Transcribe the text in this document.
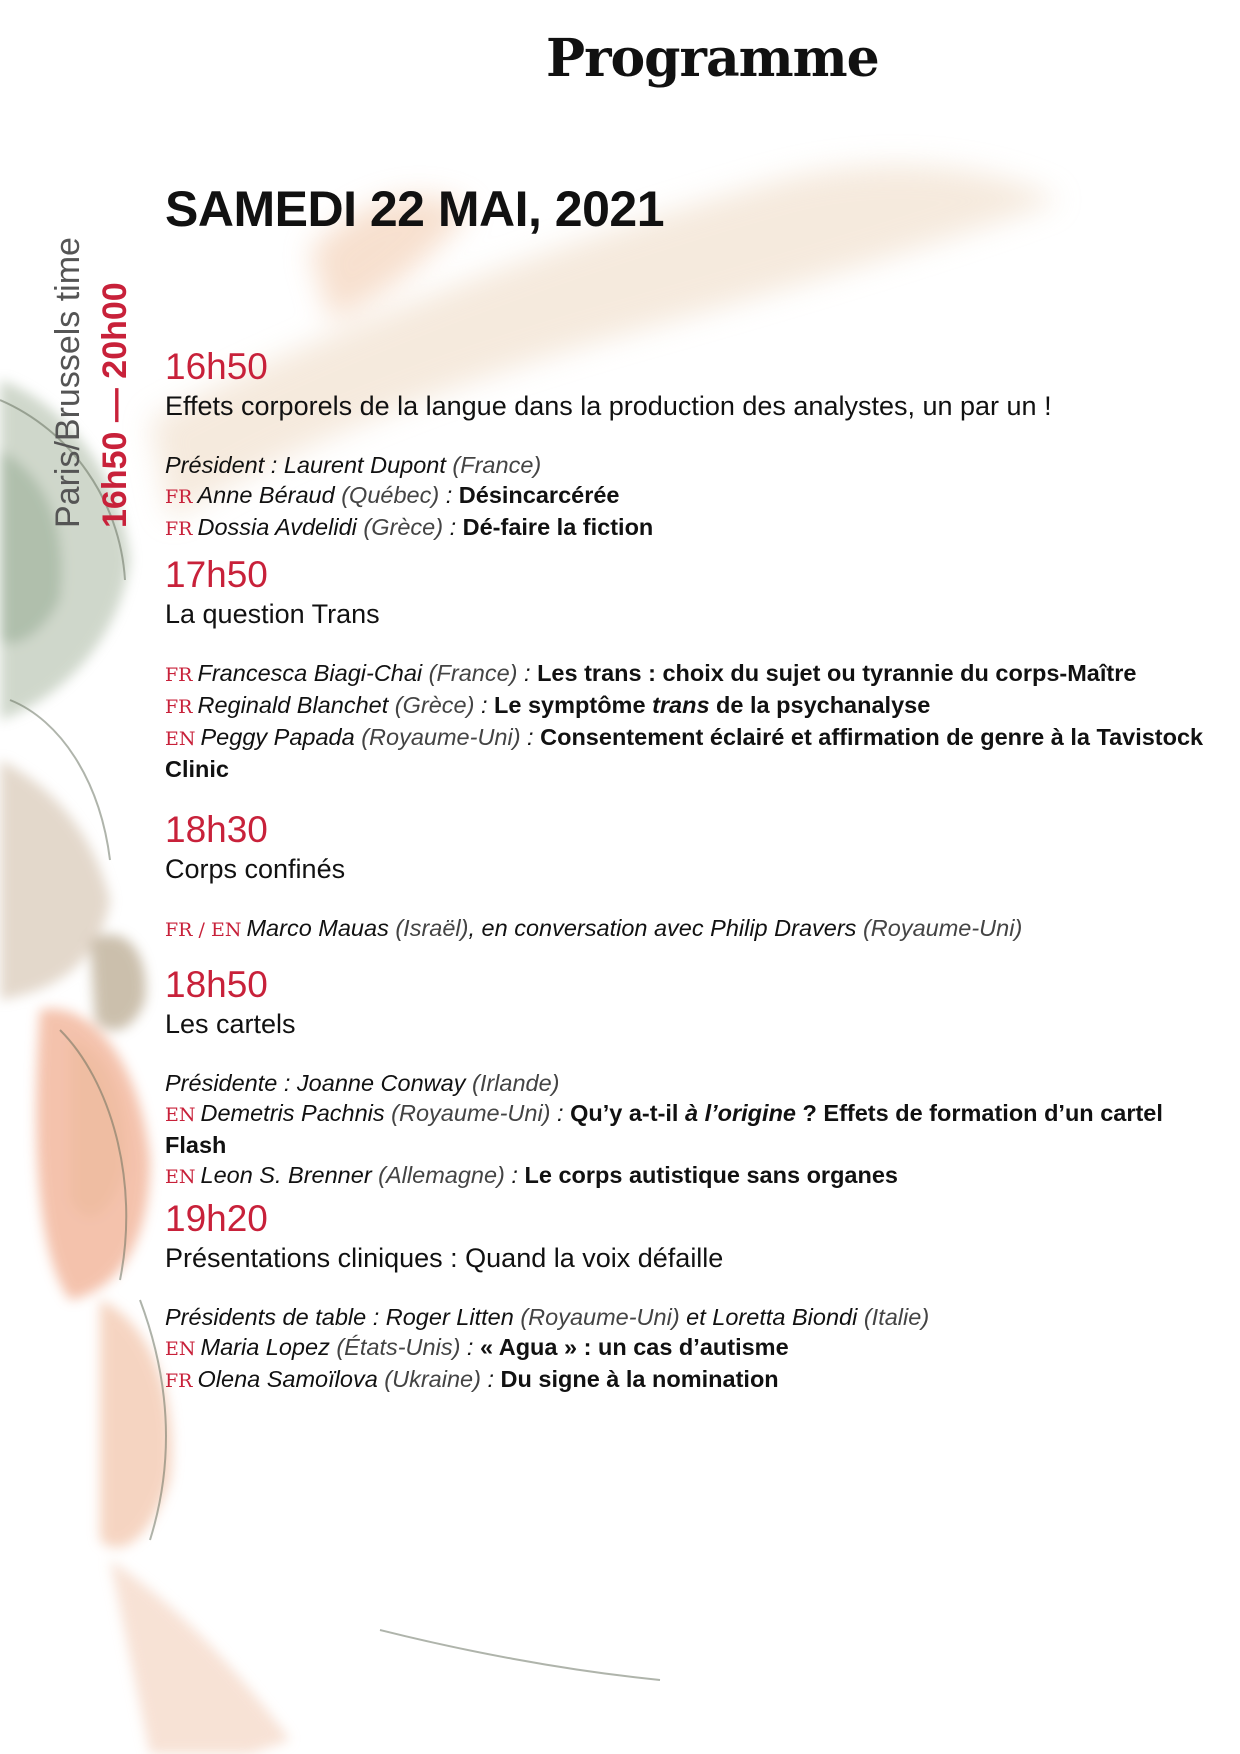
Programme
SAMEDI 22 MAI, 2021
Paris/Brussels time 16h50 — 20h00 16h50

Effets corporels de la langue dans la production des analystes, un par un !

Président : Laurent Dupont (France)

FR Anne Béraud (Québec) : Désincarcérée

FR Dossia Avdelidi (Grèce) : Dé-faire la fiction

17h50

La question Trans

FR Francesca Biagi-Chai (France) : Les trans : choix du sujet ou tyrannie du corps-Maître

FR Reginald Blanchet (Grèce) : Le symptôme trans de la psychanalyse

EN Peggy Papada (Royaume-Uni) : Consentement éclairé et affirmation de genre à la Tavistock Clinic

18h30

Corps confinés

FR / EN Marco Mauas (Israël), en conversation avec Philip Dravers (Royaume-Uni)

18h50

Les cartels

Présidente : Joanne Conway (Irlande)

EN Demetris Pachnis (Royaume-Uni) : Qu’y a-t-il à l’origine ? Effets de formation d’un cartel Flash

EN Leon S. Brenner (Allemagne) : Le corps autistique sans organes

19h20

Présentations cliniques : Quand la voix défaille

Présidents de table : Roger Litten (Royaume-Uni) et Loretta Biondi (Italie)

EN Maria Lopez (États-Unis) : « Agua » : un cas d’autisme

FR Olena Samoïlova (Ukraine) : Du signe à la nomination
